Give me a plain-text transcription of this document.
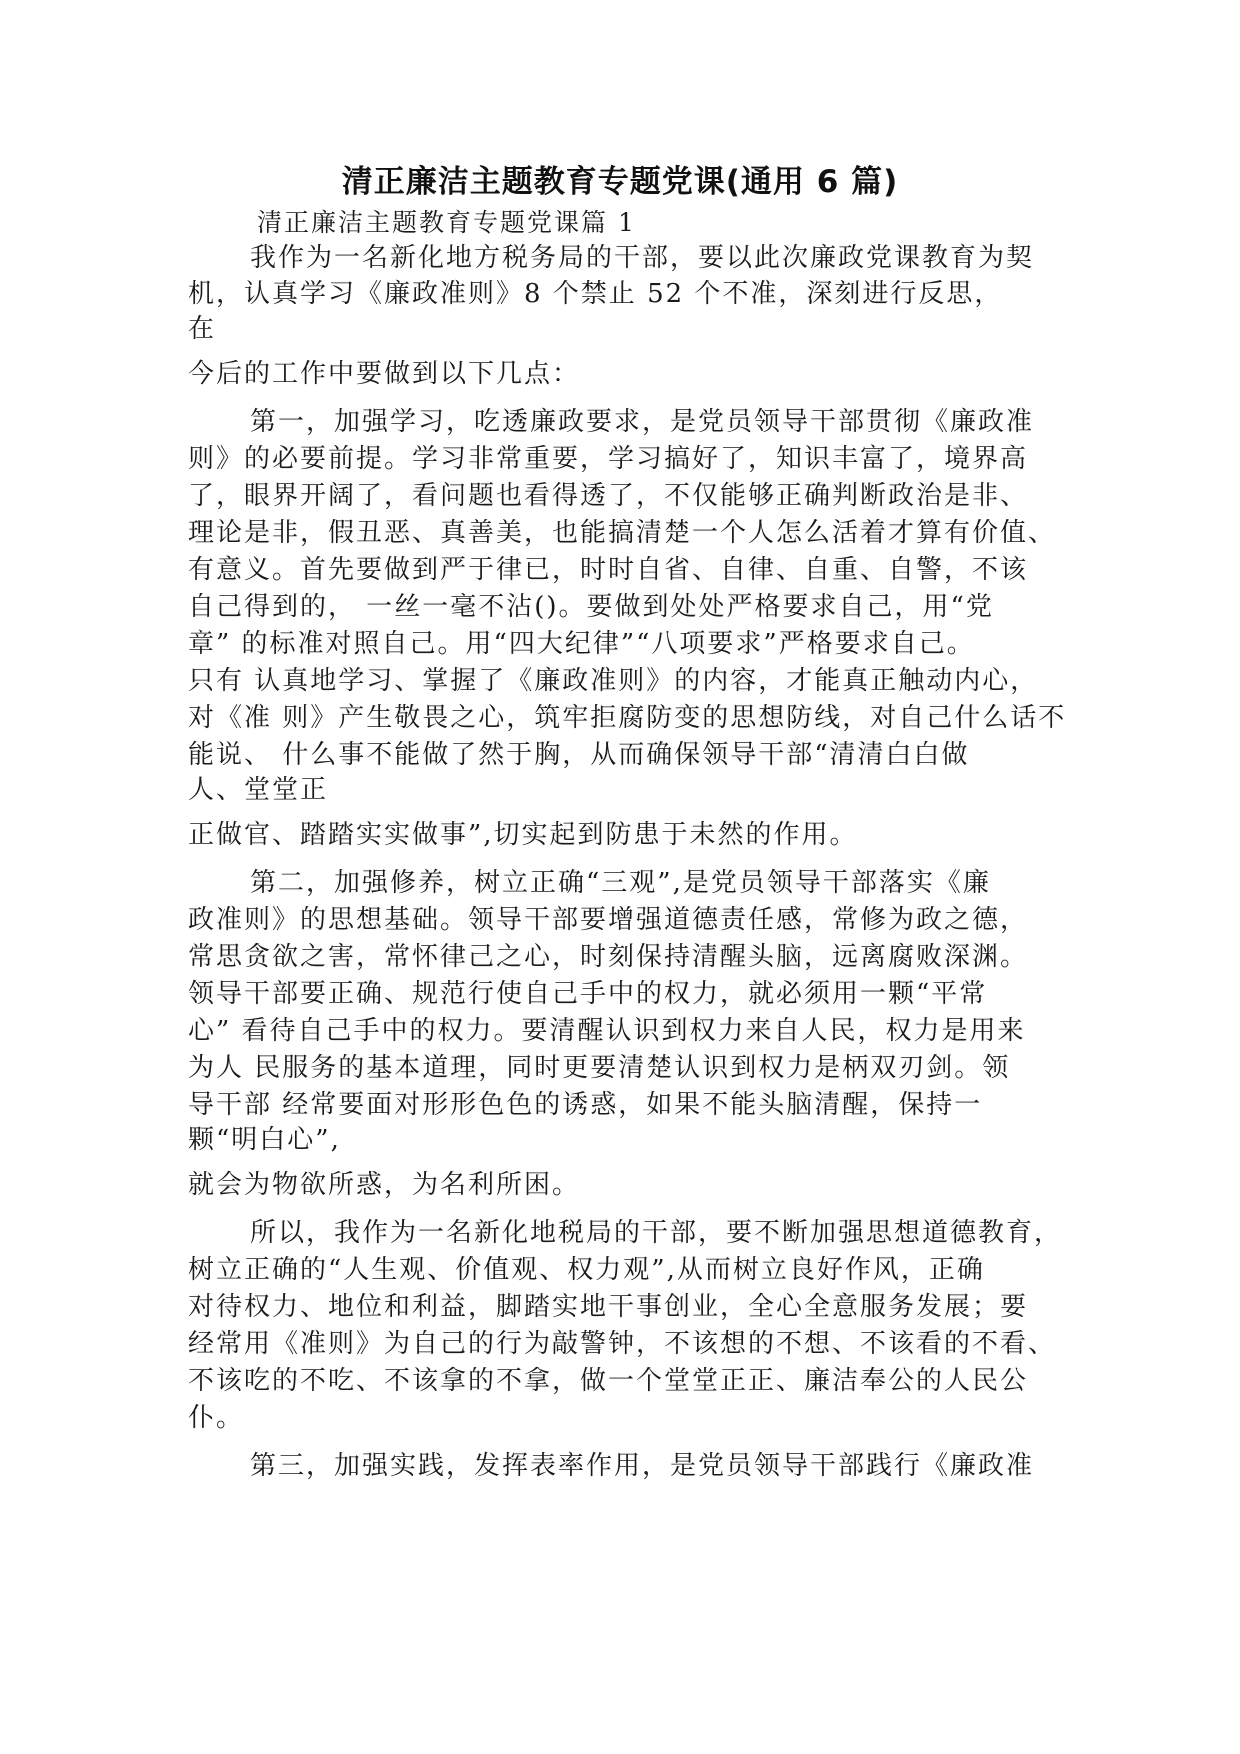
清正廉洁主题教育专题党课(通用 6 篇)
清正廉洁主题教育专题党课篇 1
我作为一名新化地方税务局的干部，要以此次廉政党课教育为契
机，认真学习《廉政准则》8 个禁止 52 个不准，深刻进行反思，
在
今后的工作中要做到以下几点：
第一，加强学习，吃透廉政要求，是党员领导干部贯彻《廉政准
则》的必要前提。学习非常重要，学习搞好了，知识丰富了，境界高
了，眼界开阔了，看问题也看得透了，不仅能够正确判断政治是非、
理论是非，假丑恶、真善美，也能搞清楚一个人怎么活着才算有价值、
有意义。首先要做到严于律已，时时自省、自律、自重、自警，不该
自己得到的， 一丝一毫不沾()。要做到处处严格要求自己，用“党
章” 的标准对照自己。用“四大纪律”“八项要求”严格要求自己。
只有 认真地学习、掌握了《廉政准则》的内容，才能真正触动内心，
对《准 则》产生敬畏之心，筑牢拒腐防变的思想防线，对自己什么话不
能说、 什么事不能做了然于胸，从而确保领导干部“清清白白做
人、堂堂正
正做官、踏踏实实做事”,切实起到防患于未然的作用。
第二，加强修养，树立正确“三观”,是党员领导干部落实《廉
政准则》的思想基础。领导干部要增强道德责任感，常修为政之德，
常思贪欲之害，常怀律己之心，时刻保持清醒头脑，远离腐败深渊。
领导干部要正确、规范行使自己手中的权力，就必须用一颗“平常
心” 看待自己手中的权力。要清醒认识到权力来自人民，权力是用来
为人 民服务的基本道理，同时更要清楚认识到权力是柄双刃剑。领
导干部 经常要面对形形色色的诱惑，如果不能头脑清醒，保持一
颗“明白心”,
就会为物欲所惑，为名利所困。
所以，我作为一名新化地税局的干部，要不断加强思想道德教育，
树立正确的“人生观、价值观、权力观”,从而树立良好作风，正确
对待权力、地位和利益，脚踏实地干事创业，全心全意服务发展；要
经常用《准则》为自己的行为敲警钟，不该想的不想、不该看的不看、
不该吃的不吃、不该拿的不拿，做一个堂堂正正、廉洁奉公的人民公
仆。
第三，加强实践，发挥表率作用，是党员领导干部践行《廉政准
